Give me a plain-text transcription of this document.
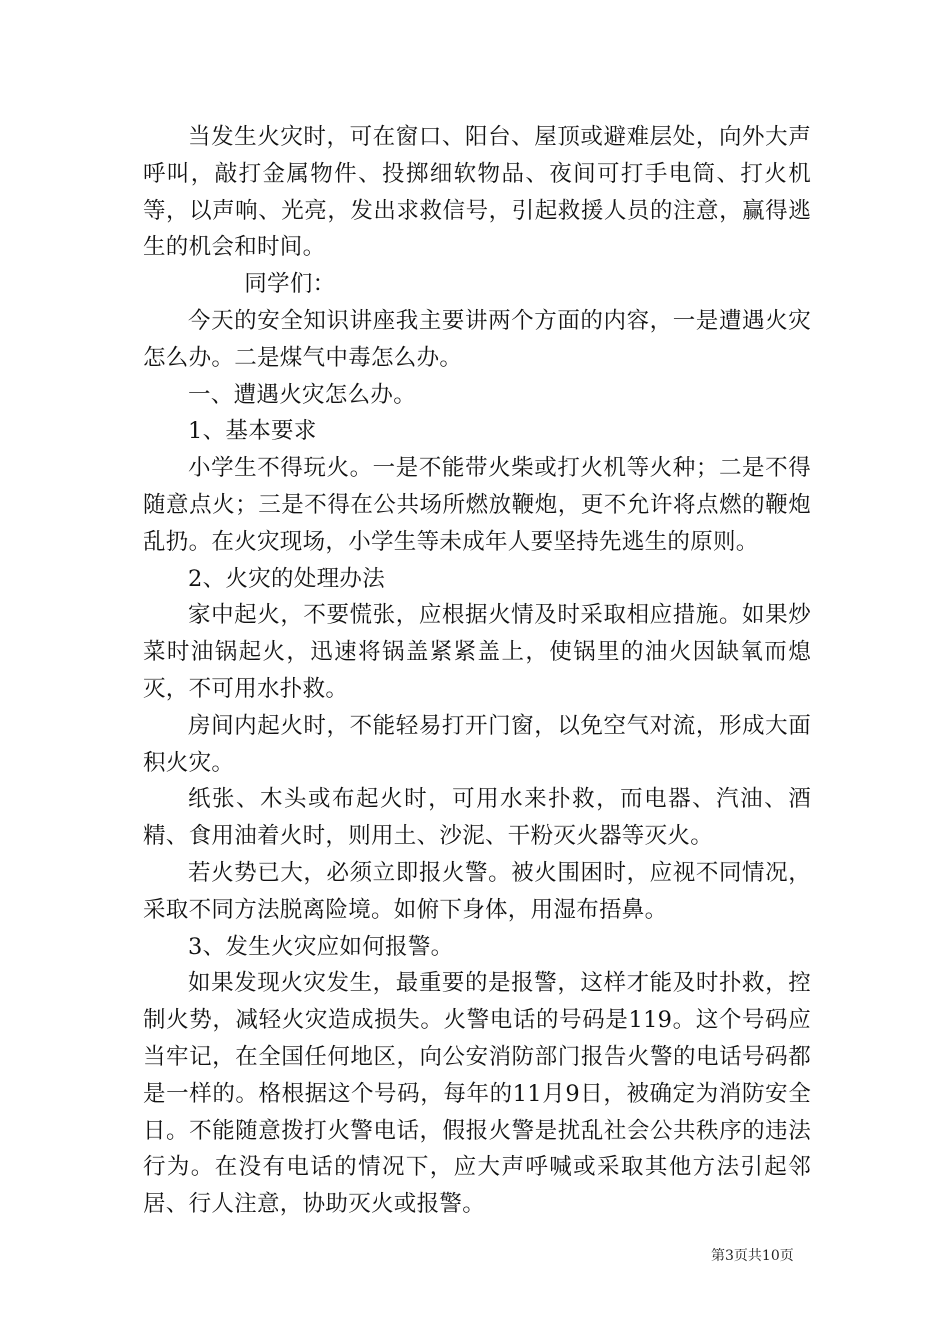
当发生火灾时，可在窗口、阳台、屋顶或避难层处，向外大声呼叫，敲打金属物件、投掷细软物品、夜间可打手电筒、打火机等，以声响、光亮，发出求救信号，引起救援人员的注意，赢得逃生的机会和时间。

同学们：

今天的安全知识讲座我主要讲两个方面的内容，一是遭遇火灾怎么办。二是煤气中毒怎么办。

一、遭遇火灾怎么办。

1、基本要求

小学生不得玩火。一是不能带火柴或打火机等火种；二是不得随意点火；三是不得在公共场所燃放鞭炮，更不允许将点燃的鞭炮乱扔。在火灾现场，小学生等未成年人要坚持先逃生的原则。

2、火灾的处理办法

家中起火，不要慌张，应根据火情及时采取相应措施。如果炒菜时油锅起火，迅速将锅盖紧紧盖上，使锅里的油火因缺氧而熄灭，不可用水扑救。

房间内起火时，不能轻易打开门窗，以免空气对流，形成大面积火灾。

纸张、木头或布起火时，可用水来扑救，而电器、汽油、酒精、食用油着火时，则用土、沙泥、干粉灭火器等灭火。

若火势已大，必须立即报火警。被火围困时，应视不同情况，采取不同方法脱离险境。如俯下身体，用湿布捂鼻。

3、发生火灾应如何报警。

如果发现火灾发生，最重要的是报警，这样才能及时扑救，控制火势，减轻火灾造成损失。火警电话的号码是119。这个号码应当牢记，在全国任何地区，向公安消防部门报告火警的电话号码都是一样的。格根据这个号码，每年的11月9日，被确定为消防安全日。不能随意拨打火警电话，假报火警是扰乱社会公共秩序的违法行为。在没有电话的情况下，应大声呼喊或采取其他方法引起邻居、行人注意，协助灭火或报警。

第3页共10页
